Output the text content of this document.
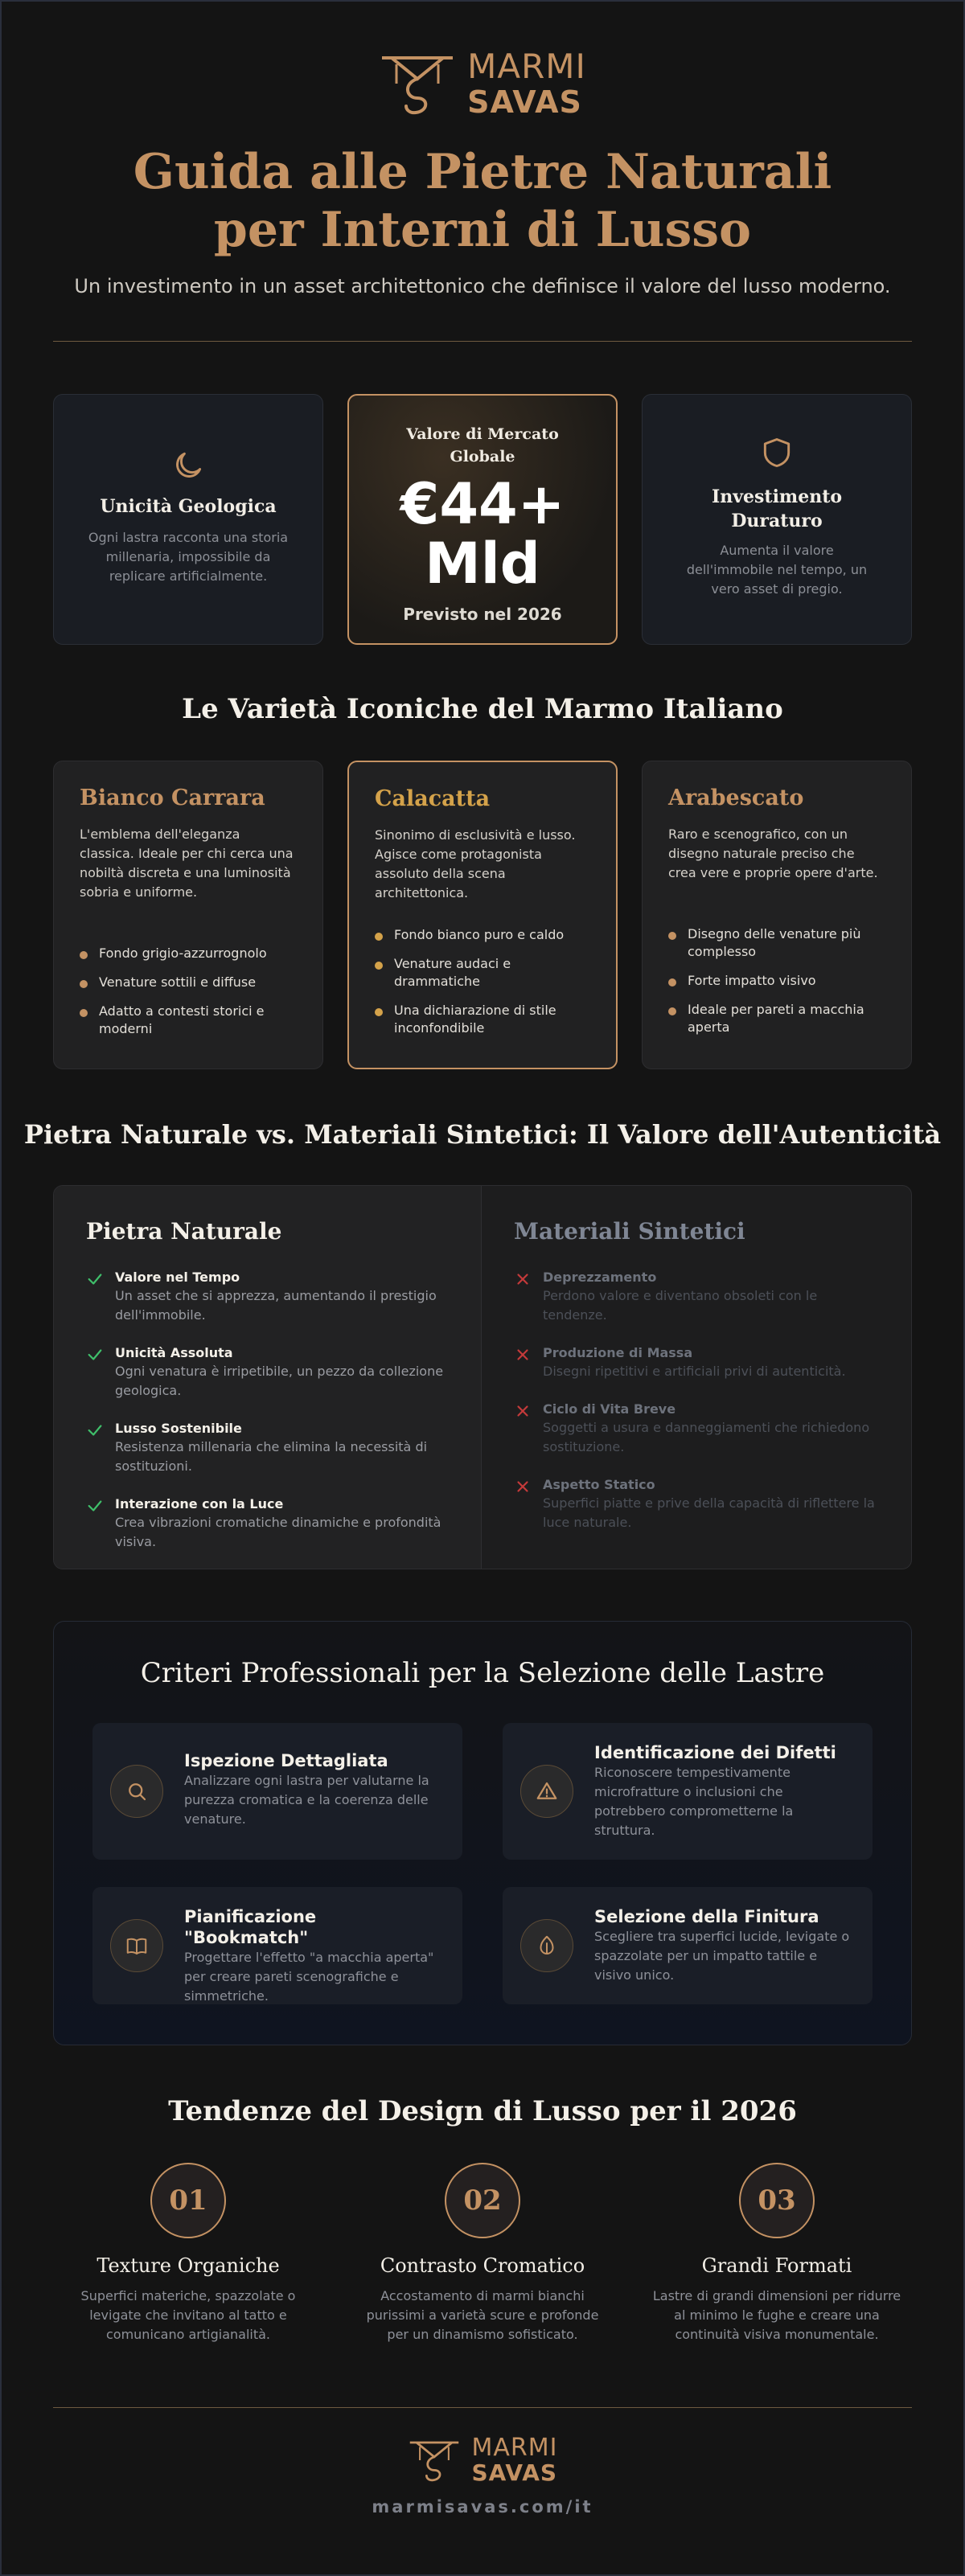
MARMI
SAVAS
Guida alle Pietre Naturali per Interni di Lusso

Un investimento in un asset architettonico che definisce il valore del lusso moderno.

Unicità Geologica

Ogni lastra racconta una storia millenaria, impossibile da replicare artificialmente.

Valore di Mercato Globale
€44+ Mld
Previsto nel 2026
Investimento Duraturo

Aumenta il valore dell'immobile nel tempo, un vero asset di pregio.

Le Varietà Iconiche del Marmo Italiano
Bianco Carrara

L'emblema dell'eleganza classica. Ideale per chi cerca una nobiltà discreta e una luminosità sobria e uniforme.

Fondo grigio-azzurrognolo
Venature sottili e diffuse
Adatto a contesti storici e moderni
Calacatta

Sinonimo di esclusività e lusso. Agisce come protagonista assoluto della scena architettonica.

Fondo bianco puro e caldo
Venature audaci e drammatiche
Una dichiarazione di stile inconfondibile
Arabescato

Raro e scenografico, con un disegno naturale preciso che crea vere e proprie opere d'arte.

Disegno delle venature più complesso
Forte impatto visivo
Ideale per pareti a macchia aperta
Pietra Naturale vs. Materiali Sintetici: Il Valore dell'Autenticità
Pietra Naturale
Valore nel Tempo
Un asset che si apprezza, aumentando il prestigio dell'immobile.
Unicità Assoluta
Ogni venatura è irripetibile, un pezzo da collezione geologica.
Lusso Sostenibile
Resistenza millenaria che elimina la necessità di sostituzioni.
Interazione con la Luce
Crea vibrazioni cromatiche dinamiche e profondità visiva.
Materiali Sintetici
Deprezzamento
Perdono valore e diventano obsoleti con le tendenze.
Produzione di Massa
Disegni ripetitivi e artificiali privi di autenticità.
Ciclo di Vita Breve
Soggetti a usura e danneggiamenti che richiedono sostituzione.
Aspetto Statico
Superfici piatte e prive della capacità di riflettere la luce naturale.
Criteri Professionali per la Selezione delle Lastre
Ispezione Dettagliata
Analizzare ogni lastra per valutarne la purezza cromatica e la coerenza delle venature.
Identificazione dei Difetti
Riconoscere tempestivamente microfratture o inclusioni che potrebbero comprometterne la struttura.
Pianificazione "Bookmatch"
Progettare l'effetto "a macchia aperta" per creare pareti scenografiche e simmetriche.
Selezione della Finitura
Scegliere tra superfici lucide, levigate o spazzolate per un impatto tattile e visivo unico.
Tendenze del Design di Lusso per il 2026
01
Texture Organiche

Superfici materiche, spazzolate o levigate che invitano al tatto e comunicano artigianalità.

02
Contrasto Cromatico

Accostamento di marmi bianchi purissimi a varietà scure e profonde per un dinamismo sofisticato.

03
Grandi Formati

Lastre di grandi dimensioni per ridurre al minimo le fughe e creare una continuità visiva monumentale.

MARMI
SAVAS
marmisavas.com/it
